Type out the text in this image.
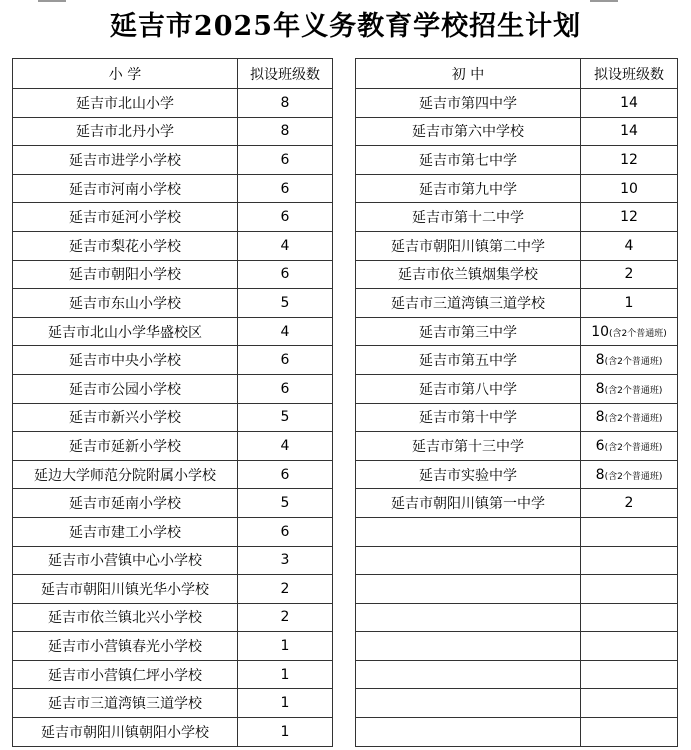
延吉市2025年义务教育学校招生计划
小 学	拟设班级数
延吉市北山小学	8
延吉市北丹小学	8
延吉市进学小学校	6
延吉市河南小学校	6
延吉市延河小学校	6
延吉市梨花小学校	4
延吉市朝阳小学校	6
延吉市东山小学校	5
延吉市北山小学华盛校区	4
延吉市中央小学校	6
延吉市公园小学校	6
延吉市新兴小学校	5
延吉市延新小学校	4
延边大学师范分院附属小学校	6
延吉市延南小学校	5
延吉市建工小学校	6
延吉市小营镇中心小学校	3
延吉市朝阳川镇光华小学校	2
延吉市依兰镇北兴小学校	2
延吉市小营镇春光小学校	1
延吉市小营镇仁坪小学校	1
延吉市三道湾镇三道学校	1
延吉市朝阳川镇朝阳小学校	1
初 中	拟设班级数
延吉市第四中学	14
延吉市第六中学校	14
延吉市第七中学	12
延吉市第九中学	10
延吉市第十二中学	12
延吉市朝阳川镇第二中学	4
延吉市依兰镇烟集学校	2
延吉市三道湾镇三道学校	1
延吉市第三中学	10(含2个普通班)
延吉市第五中学	8(含2个普通班)
延吉市第八中学	8(含2个普通班)
延吉市第十中学	8(含2个普通班)
延吉市第十三中学	6(含2个普通班)
延吉市实验中学	8(含2个普通班)
延吉市朝阳川镇第一中学	2
